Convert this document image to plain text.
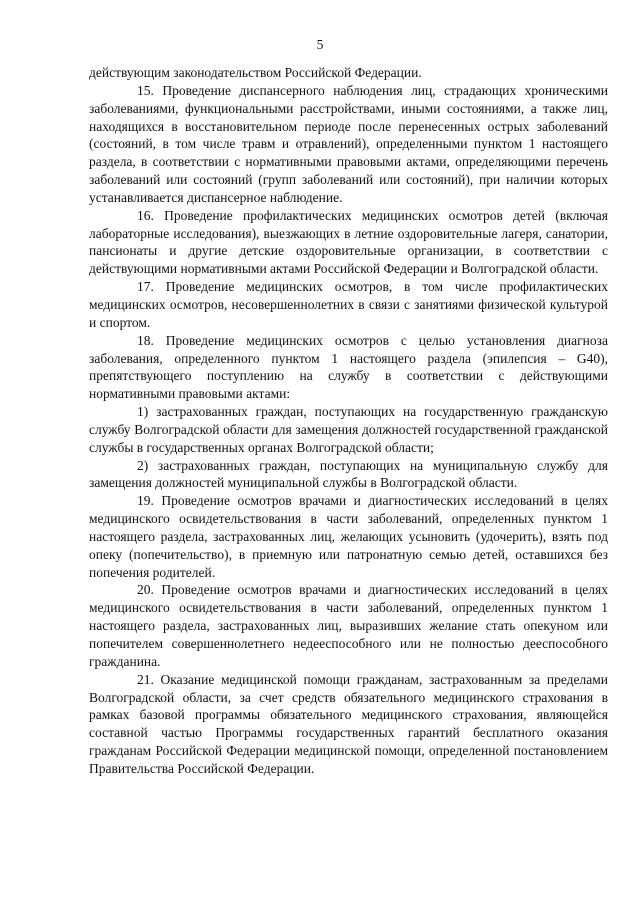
5

действующим законодательством Российской Федерации.

15. Проведение диспансерного наблюдения лиц, страдающих хроническими заболеваниями, функциональными расстройствами, иными состояниями, а также лиц, находящихся в восстановительном периоде после перенесенных острых заболеваний (состояний, в том числе травм и отравлений), определенными пунктом 1 настоящего раздела, в соответствии с нормативными правовыми актами, определяющими перечень заболеваний или состояний (групп заболеваний или состояний), при наличии которых устанавливается диспансерное наблюдение.

16. Проведение профилактических медицинских осмотров детей (включая лабораторные исследования), выезжающих в летние оздоровительные лагеря, санатории, пансионаты и другие детские оздоровительные организации, в соответствии с действующими нормативными актами Российской Федерации и Волгоградской области.

17. Проведение медицинских осмотров, в том числе профилактических медицинских осмотров, несовершеннолетних в связи с занятиями физической культурой и спортом.

18. Проведение медицинских осмотров с целью установления диагноза заболевания, определенного пунктом 1 настоящего раздела (эпилепсия – G40), препятствующего поступлению на службу в соответствии с действующими нормативными правовыми актами:

1) застрахованных граждан, поступающих на государственную гражданскую службу Волгоградской области для замещения должностей государственной гражданской службы в государственных органах Волгоградской области;

2) застрахованных граждан, поступающих на муниципальную службу для замещения должностей муниципальной службы в Волгоградской области.

19. Проведение осмотров врачами и диагностических исследований в целях медицинского освидетельствования в части заболеваний, определенных пунктом 1 настоящего раздела, застрахованных лиц, желающих усыновить (удочерить), взять под опеку (попечительство), в приемную или патронатную семью детей, оставшихся без попечения родителей.

20. Проведение осмотров врачами и диагностических исследований в целях медицинского освидетельствования в части заболеваний, определенных пунктом 1 настоящего раздела, застрахованных лиц, выразивших желание стать опекуном или попечителем совершеннолетнего недееспособного или не полностью дееспособного гражданина.

21. Оказание медицинской помощи гражданам, застрахованным за пределами Волгоградской области, за счет средств обязательного медицинского страхования в рамках базовой программы обязательного медицинского страхования, являющейся составной частью Программы государственных гарантий бесплатного оказания гражданам Российской Федерации медицинской помощи, определенной постановлением Правительства Российской Федерации.
